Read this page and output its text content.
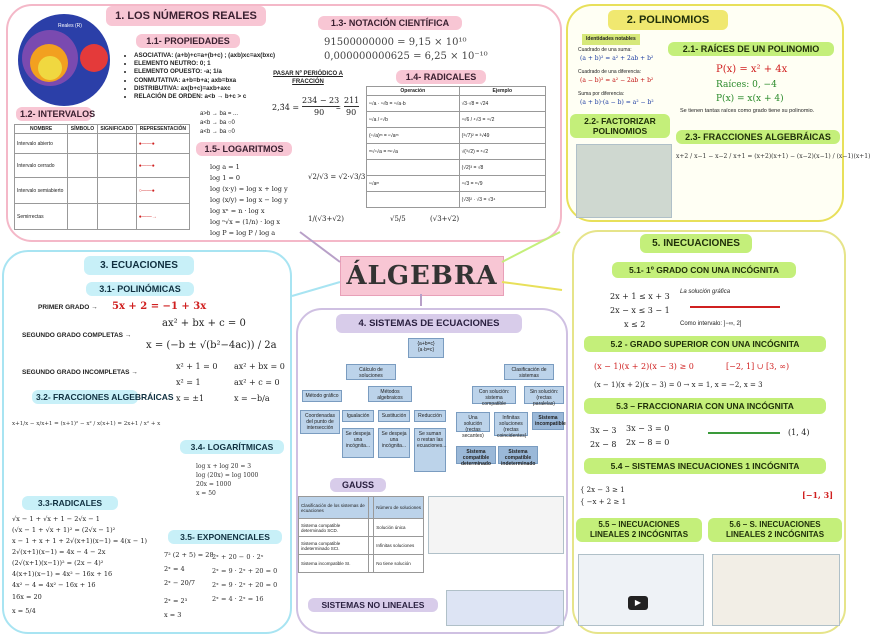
1. LOS NÚMEROS REALES
Reales (R)
1.1- PROPIEDADES
• ASOCIATIVA: (a+b)+c=a+(b+c) ; (axb)xc=ax(bxc)
• ELEMENTO NEUTRO: 0; 1
• ELEMENTO OPUESTO: -a; 1/a
• CONMUTATIVA: a+b=b+a; axb=bxa
• DISTRIBUTIVA: ax(b+c)=axb+axc
• RELACIÓN DE ORDEN: a<b → b+c > c
a>b → ba = ...
a<b → ba ○0
a<b → ba ○0
1.2- INTERVALOS
NOMBRE	SÍMBOLO	SIGNIFICADO	REPRESENTACIÓN
Intervalo abierto			●——●
Intervalo cerrado			●——●
Intervalo semiabierto			○——●
Semirrectas			●——→
1.3- NOTACIÓN CIENTÍFICA
91500000000 = 9,15 × 10¹⁰
0,000000000625 = 6,25 × 10⁻¹⁰
PASAR Nº PERIÓDICO A FRACCIÓN
2,3̂4 =
234 − 23
90
211
90
=
1.4- RADICALES
Operación	Ejemplo
ⁿ√a · ⁿ√b = ⁿ√a·b	√3·√8 = √24
ⁿ√a / ⁿ√b	⁴√6 / ⁴√3 = ⁴√2
(ⁿ√a)ᵐ = ⁿ√aᵐ	(³√7)² = ³√49
ᵐ√ⁿ√a = ᵐⁿ√a	√(³√2) = ⁶√2
	(√2)³ = √8
ⁿ√aᵐ	⁴√3 = ⁸√9
	(√3)² · √3 = √3⁴
1.5- LOGARITMOS
log a = 1
log 1 = 0
log (x·y) = log x + log y
log (x/y) = log x − log y
log xⁿ = n · log x
log ⁿ√x = (1/n) · log x
log P = log P / log a
√2/√3 = √2·√3/3
1/(√3+√2)	√5/5	(√3+√2)
2. POLINOMIOS
Identidades notables
Cuadrado de una suma:
(a + b)² = a² + 2ab + b²
Cuadrado de una diferencia:
(a − b)² = a² − 2ab + b²
Suma por diferencia:
(a + b)·(a − b) = a² − b²
2.1- RAÍCES DE UN POLINOMIO
P(x) = x² + 4x
Raíces: 0, −4
P(x) = x(x + 4)
Se tienen tantas raíces como grado tiene su polinomio.
2.2- FACTORIZAR POLINOMIOS
2.3- FRACCIONES ALGEBRÁICAS
x+2 / x−1 − x−2 / x+1 = (x+2)(x+1) − (x−2)(x−1) / (x−1)(x+1)
3. ECUACIONES
3.1- POLINÓMICAS
PRIMER GRADO → 5x + 2 = −1 + 3x
SEGUNDO GRADO COMPLETAS →
ax² + bx + c = 0
x = (−b ± √(b²−4ac)) / 2a
SEGUNDO GRADO INCOMPLETAS →
x² + 1 = 0 ax² + bx = 0
x² = 1	ax² + c = 0
x = ±1	x = −b/a
3.2- FRACCIONES ALGEBRÁICAS
x+1/x − x/x+1 = (x+1)² − x² / x(x+1) = 2x+1 / x² + x
3.4- LOGARÍTMICAS
log x + log 20 = 3
log (20x) = log 1000
20x = 1000
x = 50
3.3-RADICALES
√x − 1 + √x + 1 − 2√x − 1
(√x − 1 + √x + 1)² = (2√x − 1)²
x − 1 + x + 1 + 2√(x+1)(x−1) = 4(x − 1)
2√(x+1)(x−1) = 4x − 4 − 2x
(2√(x+1)(x−1))² = (2x − 4)²
4(x+1)(x−1) = 4x² − 16x + 16
4x² − 4 = 4x² − 16x + 16
16x = 20
x = 5/4
3.5- EXPONENCIALES
7² (2 + 5) = 28
2ˣ = 4
2ˣ − 20/7
2ˣ = 2³
x = 3
2ˣ + 20 − 0 · 2ˣ
2ˣ = 9 · 2ˣ + 20 = 0
2ˣ = 9 · 2ˣ + 20 = 0
2ˣ = 4 · 2ˣ = 16
ÁLGEBRA
4. SISTEMAS DE ECUACIONES
{a+b=c}
{a·b=c}
Cálculo de soluciones
Clasificación de sistemas
Método gráfico
Métodos algebraicos
Con solución: sistema compatible
Sin solución: (rectas paralelas)
Coordenadas del punto de intersección
Igualación	Sustitución	Reducción	Una solución (rectas secantes)
Infinitas soluciones (rectas coincidentes)
Sistema incompatible
Se despeja una incógnita...
Se despeja una incógnita...
Se suman o restan las ecuaciones...
Sistema compatible determinado
Sistema compatible indeterminado
GAUSS
Clasificación de los sistemas de ecuaciones		Número de soluciones
Sistema compatible determinado SCD.		Solución única
Sistema compatible indeterminado SCI.		Infinitas soluciones
Sistema incompatible SI.		No tiene solución
SISTEMAS NO LINEALES
5. INECUACIONES
5.1- 1º GRADO CON UNA INCÓGNITA
2x + 1 ≤ x + 3
2x − x ≤ 3 − 1
x ≤ 2
La solución gráfica
Como intervalo: ]−∞, 2]
5.2 - GRADO SUPERIOR CON UNA INCÓGNITA
(x − 1)(x + 2)(x − 3) ≥ 0	[−2, 1] ∪ [3, ∞)
(x − 1)(x + 2)(x − 3) = 0 → x = 1, x = −2, x = 3
5.3 – FRACCIONARIA CON UNA INCÓGNITA
3x − 3 = 0
2x − 8 = 0
3x − 3
2x − 8
(1, 4)
5.4 – SISTEMAS INECUACIONES 1 INCÓGNITA
{ 2x − 3 ≥ 1
{ −x + 2 ≥ 1
[−1, 3]
5.5 – INECUACIONES LINEALES 2 INCÓGNITAS
▶
5.6 – S. INECUACIONES LINEALES 2 INCÓGNITAS
